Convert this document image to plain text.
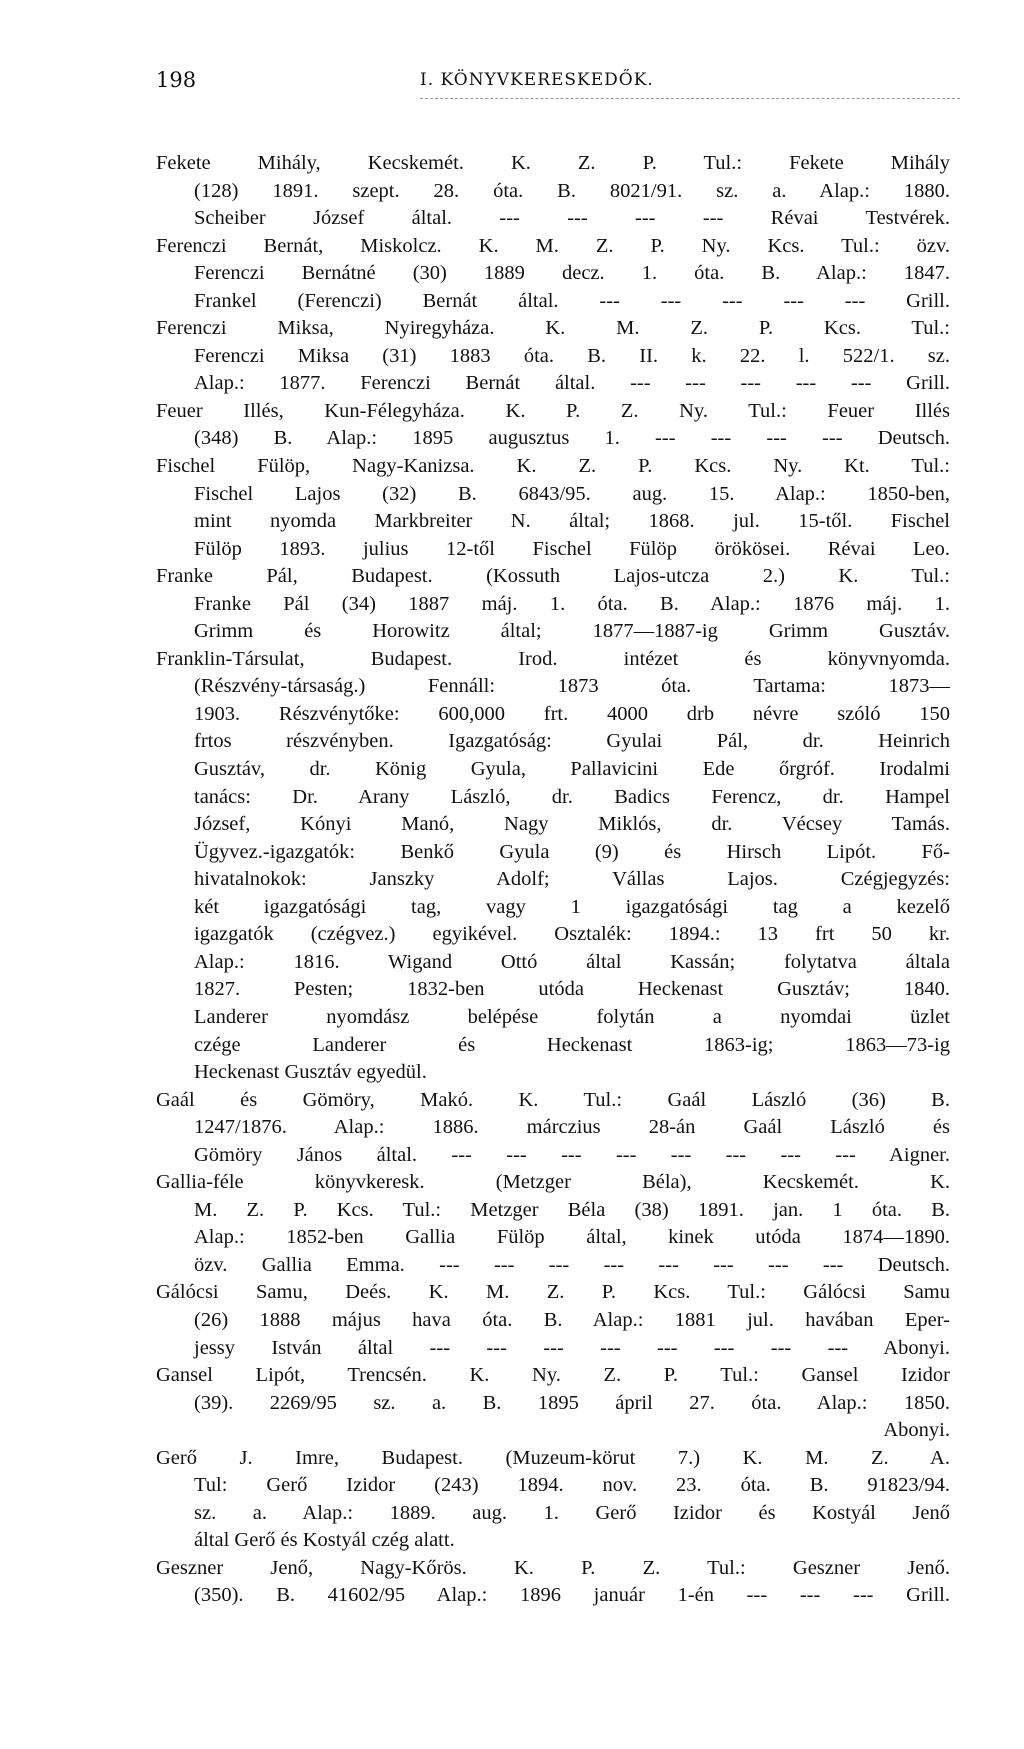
198	I. KÖNYVKERESKEDŐK.
Fekete Mihály, Kecskemét. K. Z. P. Tul.: Fekete Mihály
(128) 1891. szept. 28. óta. B. 8021/91. sz. a. Alap.: 1880.
Scheiber József által. --- --- --- --- Révai Testvérek.
Ferenczi Bernát, Miskolcz. K. M. Z. P. Ny. Kcs. Tul.: özv.
Ferenczi Bernátné (30) 1889 decz. 1. óta. B. Alap.: 1847.
Frankel (Ferenczi) Bernát által. --- --- --- --- --- Grill.
Ferenczi Miksa, Nyiregyháza. K. M. Z. P. Kcs. Tul.:
Ferenczi Miksa (31) 1883 óta. B. II. k. 22. l. 522/1. sz.
Alap.: 1877. Ferenczi Bernát által. --- --- --- --- --- Grill.
Feuer Illés, Kun-Félegyháza. K. P. Z. Ny. Tul.: Feuer Illés
(348) B. Alap.: 1895 augusztus 1. --- --- --- --- Deutsch.
Fischel Fülöp, Nagy-Kanizsa. K. Z. P. Kcs. Ny. Kt. Tul.:
Fischel Lajos (32) B. 6843/95. aug. 15. Alap.: 1850-ben,
mint nyomda Markbreiter N. által; 1868. jul. 15-től. Fischel
Fülöp 1893. julius 12-től Fischel Fülöp örökösei. Révai Leo.
Franke Pál, Budapest. (Kossuth Lajos-utcza 2.) K. Tul.:
Franke Pál (34) 1887 máj. 1. óta. B. Alap.: 1876 máj. 1.
Grimm és Horowitz által; 1877—1887-ig Grimm Gusztáv.
Franklin-Társulat, Budapest. Irod. intézet és könyvnyomda.
(Részvény-társaság.) Fennáll: 1873 óta. Tartama: 1873—
1903. Részvénytőke: 600,000 frt. 4000 drb névre szóló 150
frtos részvényben. Igazgatóság: Gyulai Pál, dr. Heinrich
Gusztáv, dr. König Gyula, Pallavicini Ede őrgróf. Irodalmi
tanács: Dr. Arany László, dr. Badics Ferencz, dr. Hampel
József, Kónyi Manó, Nagy Miklós, dr. Vécsey Tamás.
Ügyvez.-igazgatók: Benkő Gyula (9) és Hirsch Lipót. Fő-
hivatalnokok: Janszky Adolf; Vállas Lajos. Czégjegyzés:
két igazgatósági tag, vagy 1 igazgatósági tag a kezelő
igazgatók (czégvez.) egyikével. Osztalék: 1894.: 13 frt 50 kr.
Alap.: 1816. Wigand Ottó által Kassán; folytatva általa
1827. Pesten; 1832-ben utóda Heckenast Gusztáv; 1840.
Landerer nyomdász belépése folytán a nyomdai üzlet
czége Landerer és Heckenast 1863-ig; 1863—73-ig
Heckenast Gusztáv egyedül.
Gaál és Gömöry, Makó. K. Tul.: Gaál László (36) B.
1247/1876. Alap.: 1886. márczius 28-án Gaál László és
Gömöry János által. --- --- --- --- --- --- --- --- Aigner.
Gallia-féle könyvkeresk. (Metzger Béla), Kecskemét. K.
M. Z. P. Kcs. Tul.: Metzger Béla (38) 1891. jan. 1 óta. B.
Alap.: 1852-ben Gallia Fülöp által, kinek utóda 1874—1890.
özv. Gallia Emma. --- --- --- --- --- --- --- --- Deutsch.
Gálócsi Samu, Deés. K. M. Z. P. Kcs. Tul.: Gálócsi Samu
(26) 1888 május hava óta. B. Alap.: 1881 jul. havában Eper-
jessy István által --- --- --- --- --- --- --- --- Abonyi.
Gansel Lipót, Trencsén. K. Ny. Z. P. Tul.: Gansel Izidor
(39). 2269/95 sz. a. B. 1895 ápril 27. óta. Alap.: 1850.
Abonyi.
Gerő J. Imre, Budapest. (Muzeum-körut 7.) K. M. Z. A.
Tul: Gerő Izidor (243) 1894. nov. 23. óta. B. 91823/94.
sz. a. Alap.: 1889. aug. 1. Gerő Izidor és Kostyál Jenő
által Gerő és Kostyál czég alatt.
Geszner Jenő, Nagy-Kőrös. K. P. Z. Tul.: Geszner Jenő.
(350). B. 41602/95 Alap.: 1896 január 1-én --- --- --- Grill.
